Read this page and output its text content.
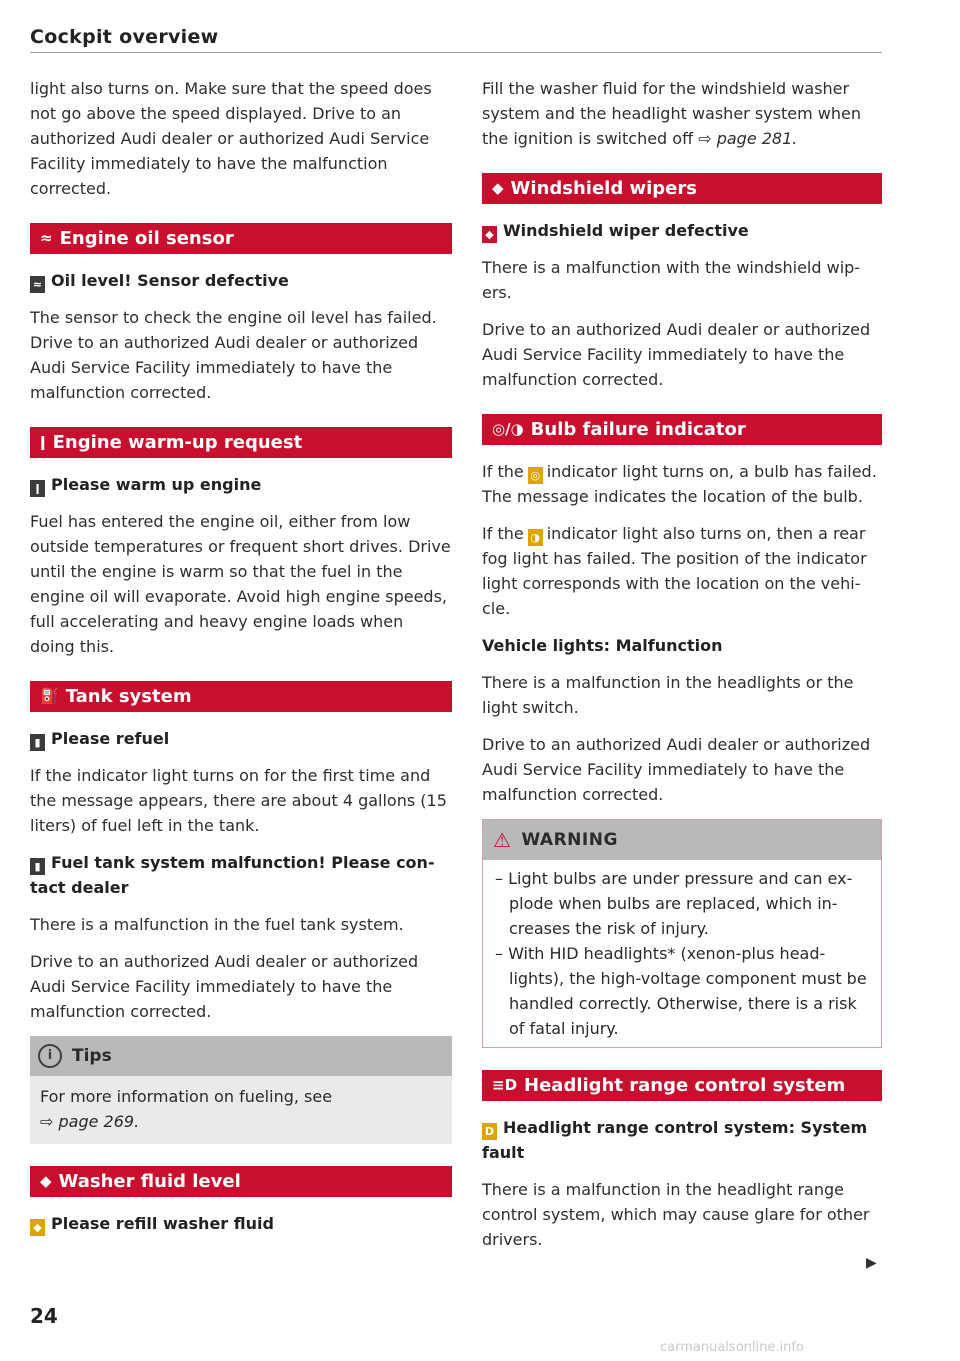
Cockpit overview

light also turns on. Make sure that the speed does not go above the speed displayed. Drive to an authorized Audi dealer or authorized Audi Service Facility immediately to have the malfunction corrected.

≈ Engine oil sensor
≈ Oil level! Sensor defective

The sensor to check the engine oil level has failed. Drive to an authorized Audi dealer or authorized Audi Service Facility immediately to have the malfunction corrected.

ǀ Engine warm-up request
ǀ Please warm up engine

Fuel has entered the engine oil, either from low outside temperatures or frequent short drives. Drive until the engine is warm so that the fuel in the engine oil will evaporate. Avoid high engine speeds, full accelerating and heavy engine loads when doing this.

⛽ Tank system
▮ Please refuel

If the indicator light turns on for the first time and the message appears, there are about 4 gallons (15 liters) of fuel left in the tank.

▮ Fuel tank system malfunction! Please contact dealer

There is a malfunction in the fuel tank system.

Drive to an authorized Audi dealer or authorized Audi Service Facility immediately to have the malfunction corrected.

i	Tips
For more information on fueling, see
⇨ page 269.
◆ Washer fluid level
◆ Please refill washer fluid

Fill the washer fluid for the windshield washer system and the headlight washer system when the ignition is switched off ⇨ page 281.

◆ Windshield wipers
◆ Windshield wiper defective

There is a malfunction with the windshield wipers.

Drive to an authorized Audi dealer or authorized Audi Service Facility immediately to have the malfunction corrected.

◎/◑ Bulb failure indicator

If the ◎ indicator light turns on, a bulb has failed. The message indicates the location of the bulb.

If the ◑ indicator light also turns on, then a rear fog light has failed. The position of the indicator light corresponds with the location on the vehicle.

Vehicle lights: Malfunction

There is a malfunction in the headlights or the light switch.

Drive to an authorized Audi dealer or authorized Audi Service Facility immediately to have the malfunction corrected.

⚠ WARNING
– Light bulbs are under pressure and can explode when bulbs are replaced, which increases the risk of injury.
– With HID headlights* (xenon-plus headlights), the high-voltage component must be handled correctly. Otherwise, there is a risk of fatal injury.
≡D Headlight range control system
D Headlight range control system: System fault

There is a malfunction in the headlight range control system, which may cause glare for other drivers.

▶
24
carmanualsonline.info
